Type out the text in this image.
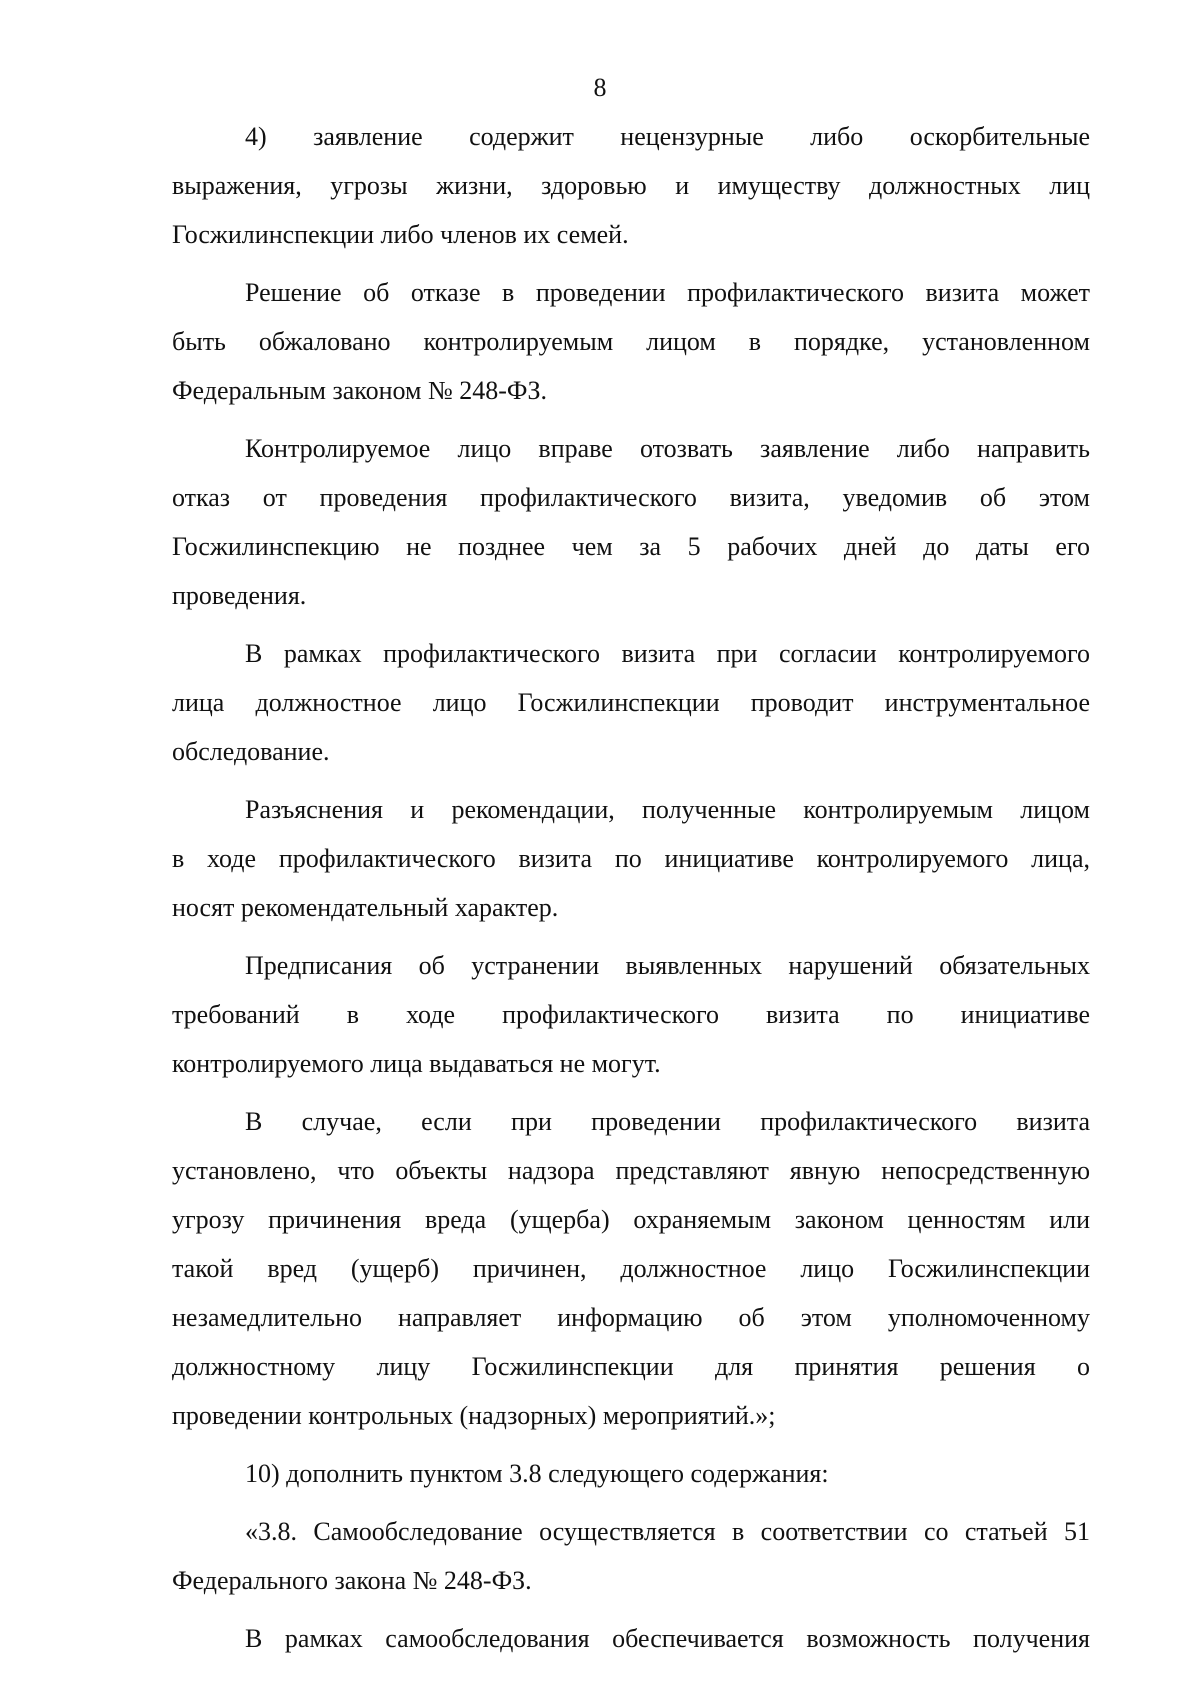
8

4)       заявление       содержит       нецензурные       либо       оскорбительные
выражения, угрозы жизни, здоровью и имуществу должностных лиц
Госжилинспекции либо членов их семей.

Решение об отказе в проведении профилактического визита может
быть обжаловано контролируемым лицом в порядке, установленном
Федеральным законом № 248-ФЗ.

Контролируемое лицо вправе отозвать заявление либо направить
отказ от проведения профилактического визита, уведомив об этом
Госжилинспекцию не позднее чем за 5 рабочих дней до даты его
проведения.

В рамках профилактического визита при согласии контролируемого
лица должностное лицо Госжилинспекции проводит инструментальное
обследование.

Разъяснения и рекомендации, полученные контролируемым лицом
в ходе профилактического визита по инициативе контролируемого лица,
носят рекомендательный характер.

Предписания об устранении выявленных нарушений обязательных
требований в ходе профилактического визита по инициативе
контролируемого лица выдаваться не могут.

В случае, если при проведении профилактического визита
установлено, что объекты надзора представляют явную непосредственную
угрозу причинения вреда (ущерба) охраняемым законом ценностям или
такой вред (ущерб) причинен, должностное лицо Госжилинспекции
незамедлительно направляет информацию об этом уполномоченному
должностному лицу Госжилинспекции для принятия решения о
проведении контрольных (надзорных) мероприятий.»;

10) дополнить пунктом 3.8 следующего содержания:

«3.8. Самообследование осуществляется в соответствии со статьей 51
Федерального закона № 248-ФЗ.

В рамках самообследования обеспечивается возможность получения
